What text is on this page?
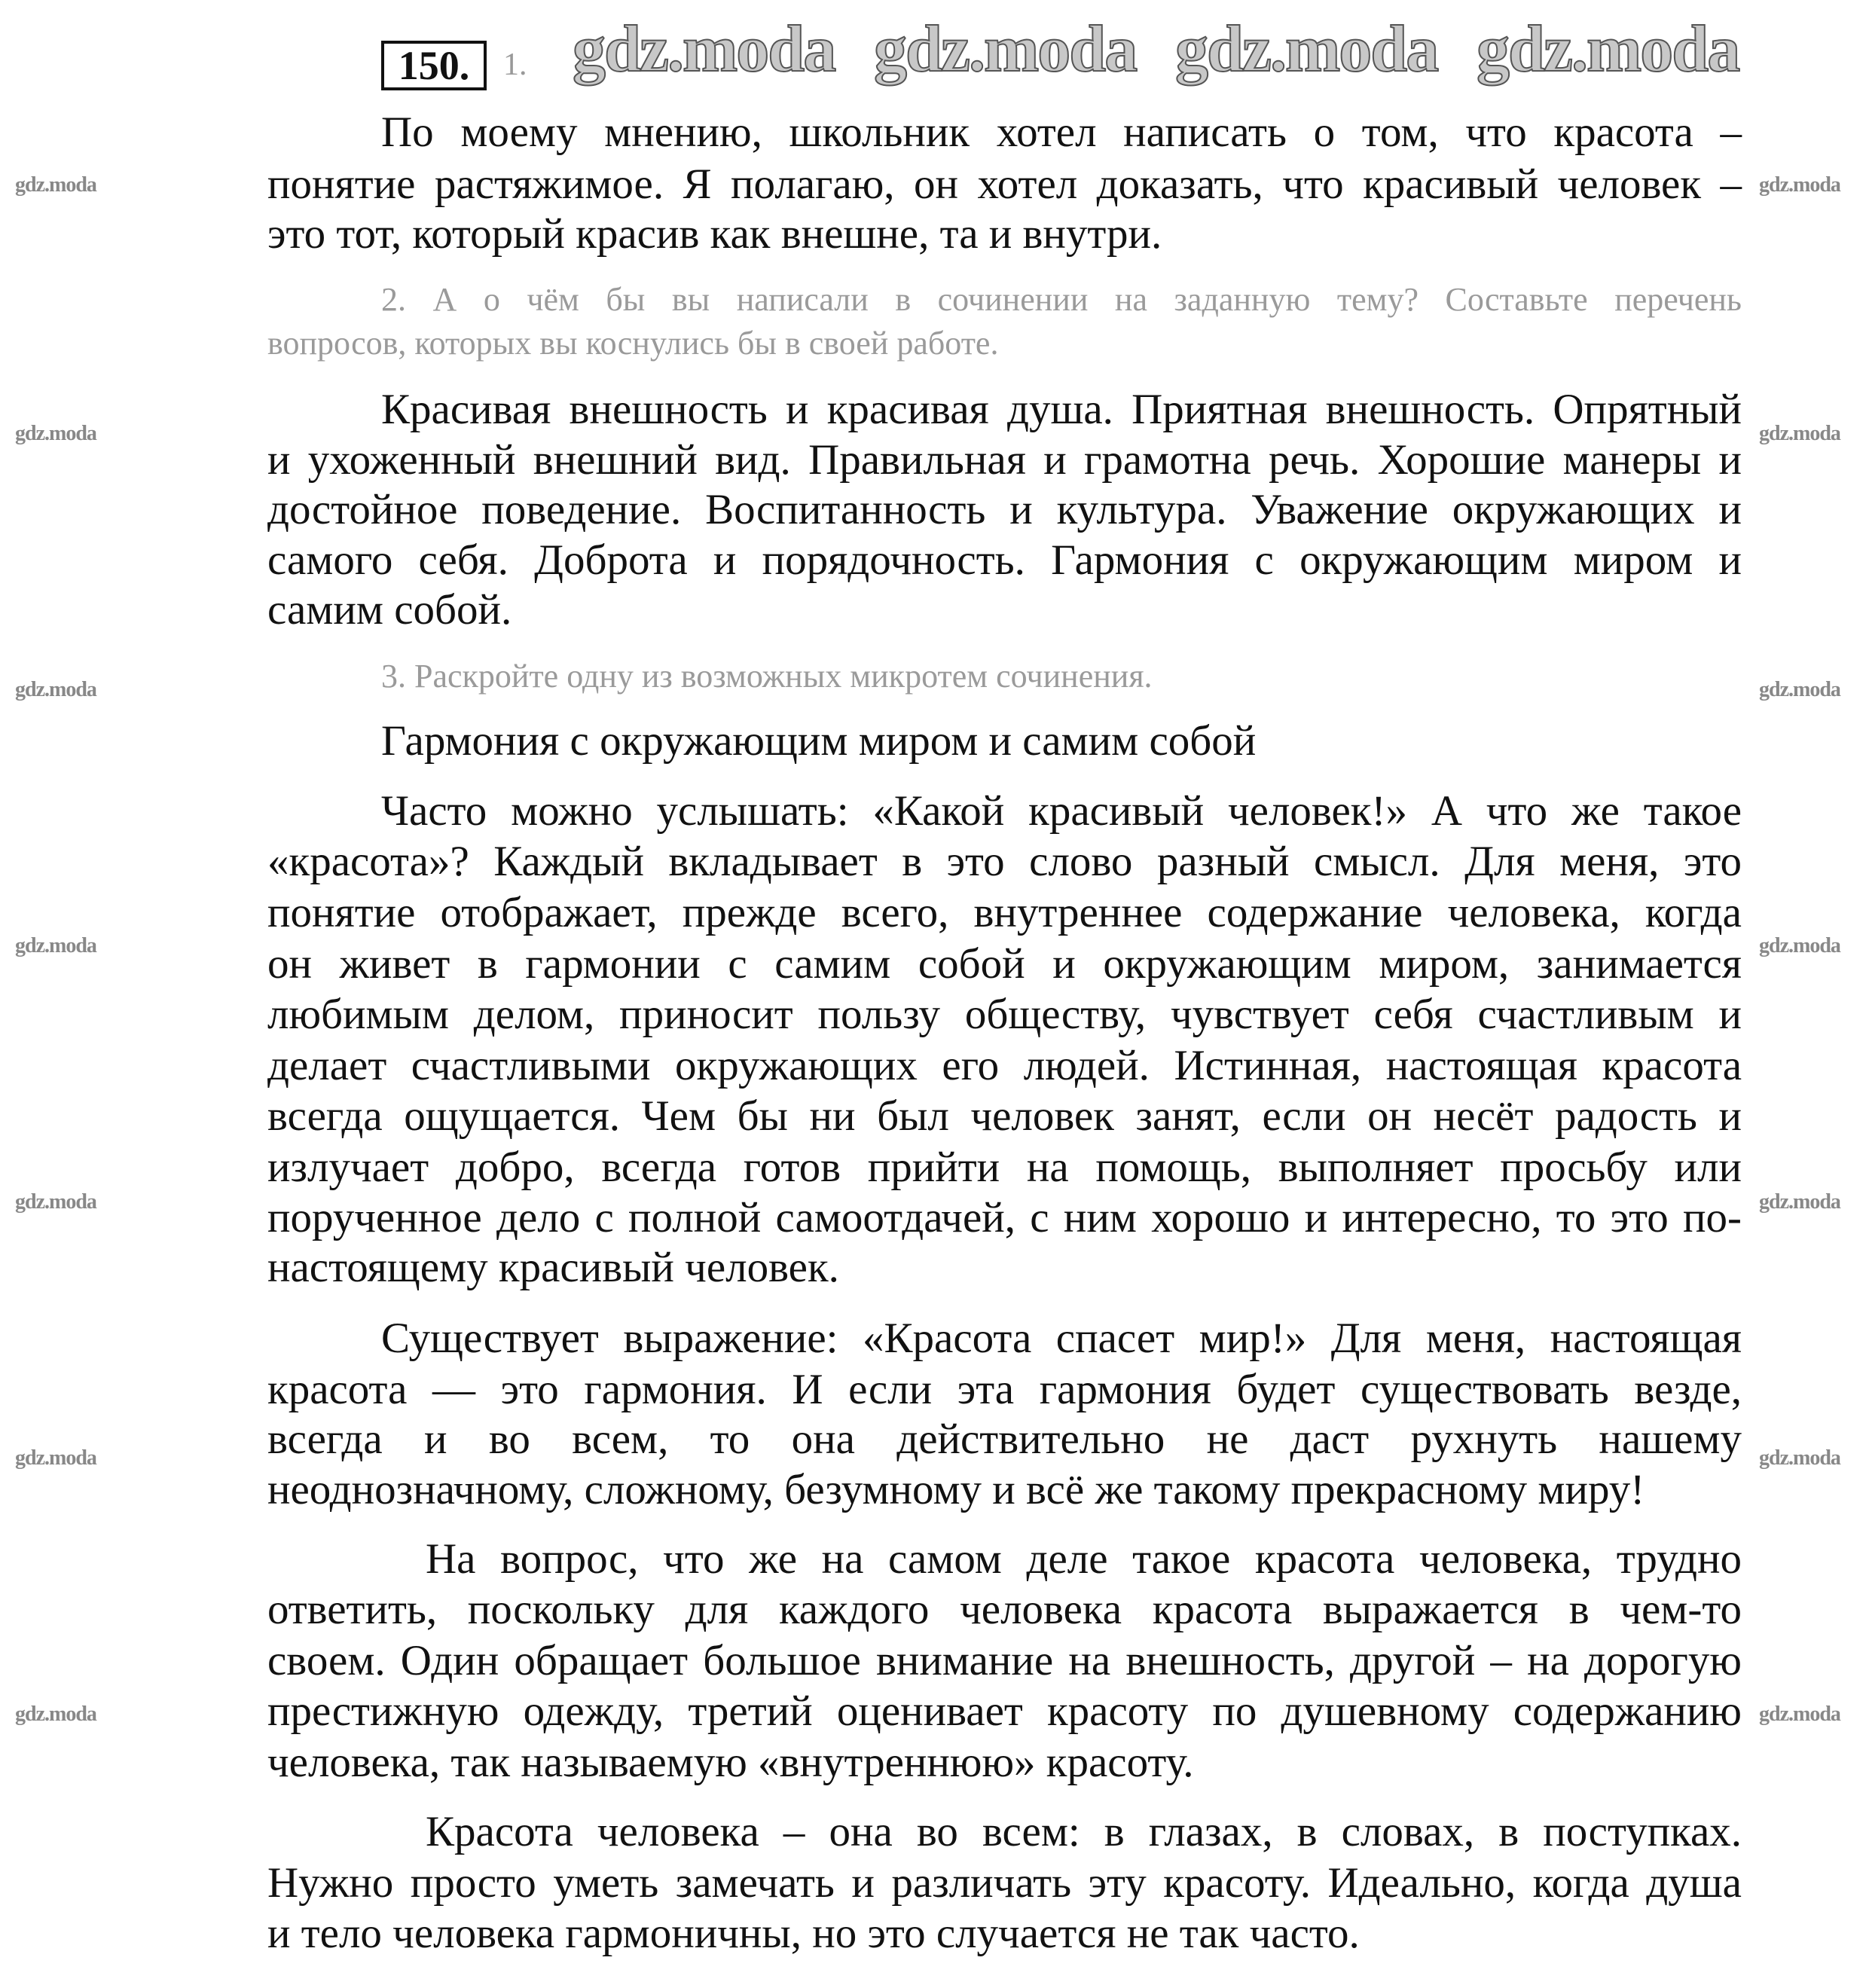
150.	1.
По моему мнению, школьник хотел написать о том, что красота –
понятие растяжимое. Я полагаю, он хотел доказать, что красивый человек –
это тот, который красив как внешне, та и внутри.
2. А о чём бы вы написали в сочинении на заданную тему? Составьте перечень
вопросов, которых вы коснулись бы в своей работе.
Красивая внешность и красивая душа. Приятная внешность. Опрятный
и ухоженный внешний вид. Правильная и грамотна речь. Хорошие манеры и
достойное поведение. Воспитанность и культура. Уважение окружающих и
самого себя. Доброта и порядочность. Гармония с окружающим миром и
самим собой.
3. Раскройте одну из возможных микротем сочинения.
Гармония с окружающим миром и самим собой
Часто можно услышать: «Какой красивый человек!» А что же такое
«красота»? Каждый вкладывает в это слово разный смысл. Для меня, это
понятие отображает, прежде всего, внутреннее содержание человека, когда
он живет в гармонии с самим собой и окружающим миром, занимается
любимым делом, приносит пользу обществу, чувствует себя счастливым и
делает счастливыми окружающих его людей. Истинная, настоящая красота
всегда ощущается. Чем бы ни был человек занят, если он несёт радость и
излучает добро, всегда готов прийти на помощь, выполняет просьбу или
порученное дело с полной самоотдачей, с ним хорошо и интересно, то это по-
настоящему красивый человек.
Существует выражение: «Красота спасет мир!» Для меня, настоящая
красота — это гармония. И если эта гармония будет существовать везде,
всегда и во всем, то она действительно не даст рухнуть нашему
неоднозначному, сложному, безумному и всё же такому прекрасному миру!
На вопрос, что же на самом деле такое красота человека, трудно
ответить, поскольку для каждого человека красота выражается в чем-то
своем. Один обращает большое внимание на внешность, другой – на дорогую
престижную одежду, третий оценивает красоту по душевному содержанию
человека, так называемую «внутреннюю» красоту.
Красота человека – она во всем: в глазах, в словах, в поступках.
Нужно просто уметь замечать и различать эту красоту. Идеально, когда душа
и тело человека гармоничны, но это случается не так часто.
gdz.moda gdz.moda gdz.moda gdz.moda
gdz.moda
gdz.moda
gdz.moda
gdz.moda
gdz.moda
gdz.moda
gdz.moda
gdz.moda
gdz.moda
gdz.moda
gdz.moda
gdz.moda
gdz.moda
gdz.moda
